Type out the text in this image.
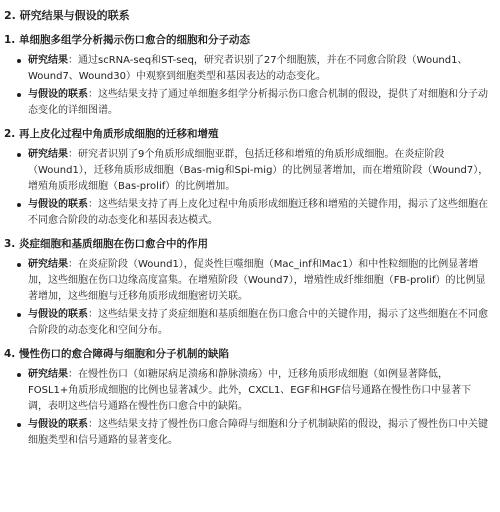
2. 研究结果与假设的联系
1. 单细胞多组学分析揭示伤口愈合的细胞和分子动态
研究结果：通过scRNA-seq和ST-seq，研究者识别了27个细胞簇，并在不同愈合阶段（Wound1、Wound7、Wound30）中观察到细胞类型和基因表达的动态变化。
与假设的联系：这些结果支持了通过单细胞多组学分析揭示伤口愈合机制的假设，提供了对细胞和分子动态变化的详细图谱。
2. 再上皮化过程中角质形成细胞的迁移和增殖
研究结果：研究者识别了9个角质形成细胞亚群，包括迁移和增殖的角质形成细胞。在炎症阶段（Wound1），迁移角质形成细胞（Bas-mig和Spi-mig）的比例显著增加，而在增殖阶段（Wound7），增殖角质形成细胞（Bas-prolif）的比例增加。
与假设的联系：这些结果支持了再上皮化过程中角质形成细胞迁移和增殖的关键作用，揭示了这些细胞在不同愈合阶段的动态变化和基因表达模式。
3. 炎症细胞和基质细胞在伤口愈合中的作用
研究结果：在炎症阶段（Wound1），促炎性巨噬细胞（Mac_inf和Mac1）和中性粒细胞的比例显著增加，这些细胞在伤口边缘高度富集。在增殖阶段（Wound7），增殖性成纤维细胞（FB-prolif）的比例显著增加，这些细胞与迁移角质形成细胞密切关联。
与假设的联系：这些结果支持了炎症细胞和基质细胞在伤口愈合中的关键作用，揭示了这些细胞在不同愈合阶段的动态变化和空间分布。
4. 慢性伤口的愈合障碍与细胞和分子机制的缺陷
研究结果：在慢性伤口（如糖尿病足溃疡和静脉溃疡）中，迁移角质形成细胞（如例显著降低，FOSL1+角质形成细胞的比例也显著减少。此外，CXCL1、EGF和HGF信号通路在慢性伤口中显著下调，表明这些信号通路在慢性伤口愈合中的缺陷。
与假设的联系：这些结果支持了慢性伤口愈合障碍与细胞和分子机制缺陷的假设，揭示了慢性伤口中关键细胞类型和信号通路的显著变化。
